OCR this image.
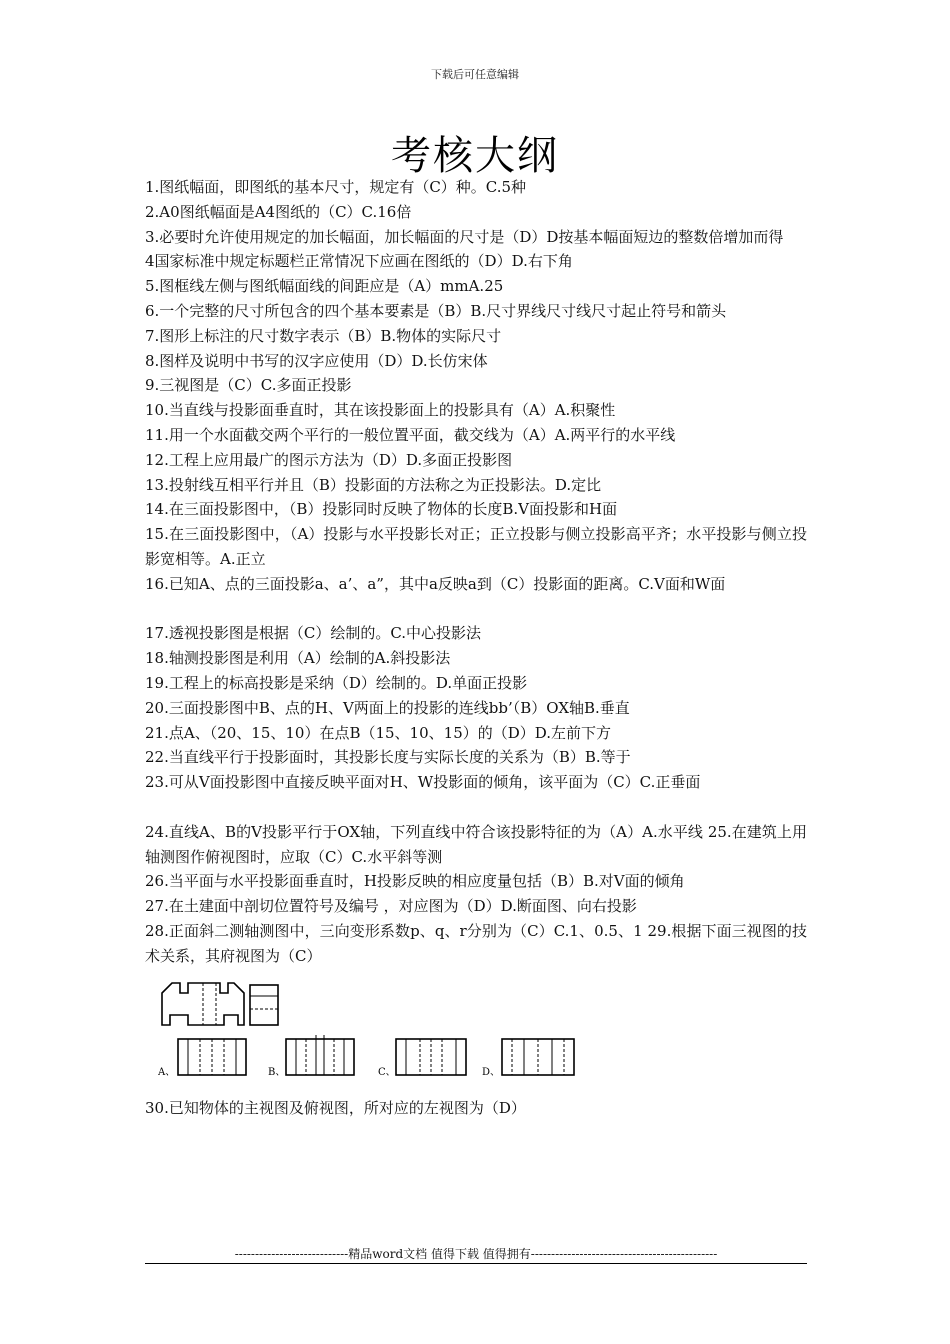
下载后可任意编辑
考核大纲

1.图纸幅面，即图纸的基本尺寸，规定有（C）种。C.5种

2.A0图纸幅面是A4图纸的（C）C.16倍

3.必要时允许使用规定的加长幅面，加长幅面的尺寸是（D）D按基本幅面短边的整数倍增加而得

4国家标准中规定标题栏正常情况下应画在图纸的（D）D.右下角

5.图框线左侧与图纸幅面线的间距应是（A）mmA.25

6.一个完整的尺寸所包含的四个基本要素是（B）B.尺寸界线尺寸线尺寸起止符号和箭头

7.图形上标注的尺寸数字表示（B）B.物体的实际尺寸

8.图样及说明中书写的汉字应使用（D）D.长仿宋体

9.三视图是（C）C.多面正投影

10.当直线与投影面垂直时，其在该投影面上的投影具有（A）A.积聚性

11.用一个水面截交两个平行的一般位置平面，截交线为（A）A.两平行的水平线

12.工程上应用最广的图示方法为（D）D.多面正投影图

13.投射线互相平行并且（B）投影面的方法称之为正投影法。D.定比

14.在三面投影图中，（B）投影同时反映了物体的长度B.V面投影和H面

15.在三面投影图中，（A）投影与水平投影长对正；正立投影与侧立投影高平齐；水平投影与侧立投影宽相等。A.正立

16.已知A、点的三面投影a、a’、a”，其中a反映a到（C）投影面的距离。C.V面和W面

17.透视投影图是根据（C）绘制的。C.中心投影法

18.轴测投影图是利用（A）绘制的A.斜投影法

19.工程上的标高投影是采纳（D）绘制的。D.单面正投影

20.三面投影图中B、点的H、V两面上的投影的连线bb’（B）OX轴B.垂直

21.点A、（20、15、10）在点B（15、10、15）的（D）D.左前下方

22.当直线平行于投影面时，其投影长度与实际长度的关系为（B）B.等于

23.可从V面投影图中直接反映平面对H、W投影面的倾角，该平面为（C）C.正垂面

24.直线A、B的V投影平行于OX轴，下列直线中符合该投影特征的为（A）A.水平线 25.在建筑上用轴测图作俯视图时，应取（C）C.水平斜等测

26.当平面与水平投影面垂直时，H投影反映的相应度量包括（B）B.对V面的倾角

27.在土建面中剖切位置符号及编号 ，对应图为（D）D.断面图、向右投影

28.正面斜二测轴测图中，三向变形系数p、q、r分别为（C）C.1、0.5、1 29.根据下面三视图的技术关系，其府视图为（C）

A、	B、	C、	D、

30.已知物体的主视图及俯视图，所对应的左视图为（D）

----------------------------精品word文档 值得下载 值得拥有----------------------------------------------
